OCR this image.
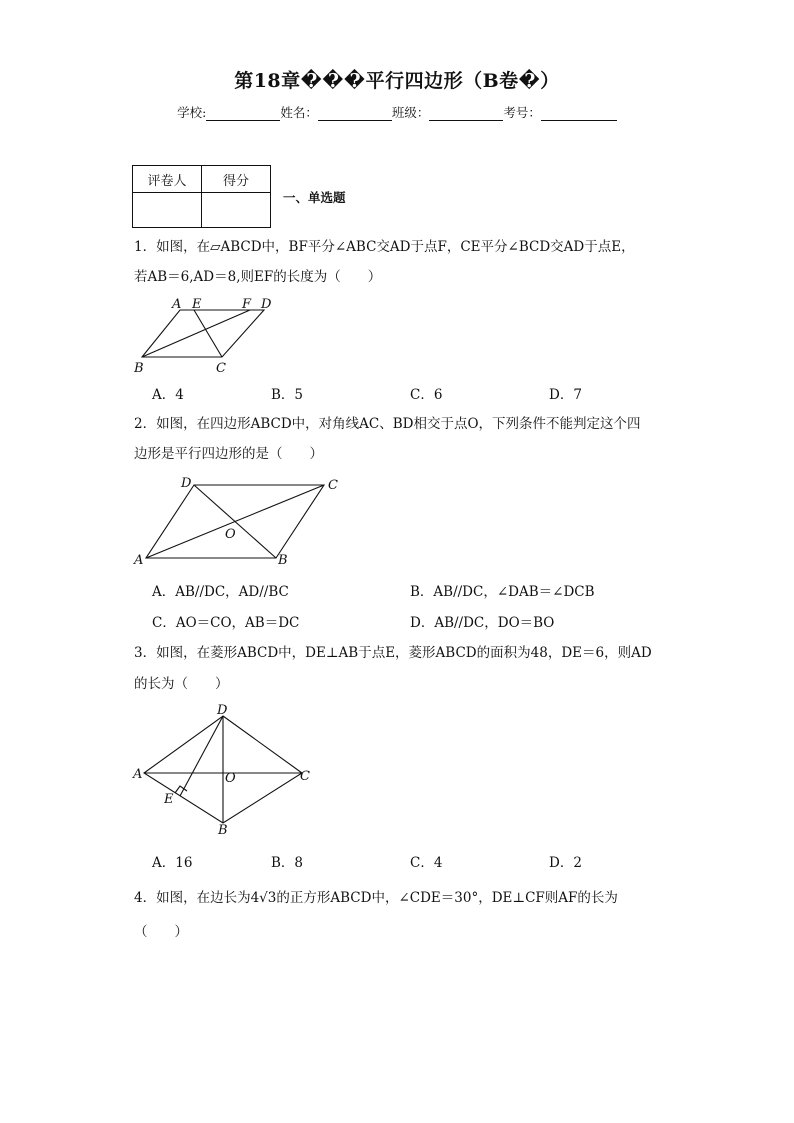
第18章���平行四边形（B卷�）
学校:	姓名：	班级：	考号：
评卷人	得分

一、单选题
1．如图，在▱ABCD中，BF平分∠ABC交AD于点F，CE平分∠BCD交AD于点E，
若AB＝6,AD＝8,则EF的长度为（　　）
A E	F D
B	C
A．4	B．5	C．6	D．7
2．如图，在四边形ABCD中，对角线AC、BD相交于点O，下列条件不能判定这个四
边形是平行四边形的是（　　）
A	B
C
D
O
A．AB//DC，AD//BC	B．AB//DC，∠DAB＝∠DCB
C．AO＝CO，AB＝DC	D．AB//DC，DO＝BO
3．如图，在菱形ABCD中，DE⊥AB于点E，菱形ABCD的面积为48，DE＝6，则AD
的长为（　　）
D
A	O	C
E
B
A．16	B．8	C．4	D．2
4．如图，在边长为4√3的正方形ABCD中，∠CDE＝30°，DE⊥CF则AF的长为
（　　）
